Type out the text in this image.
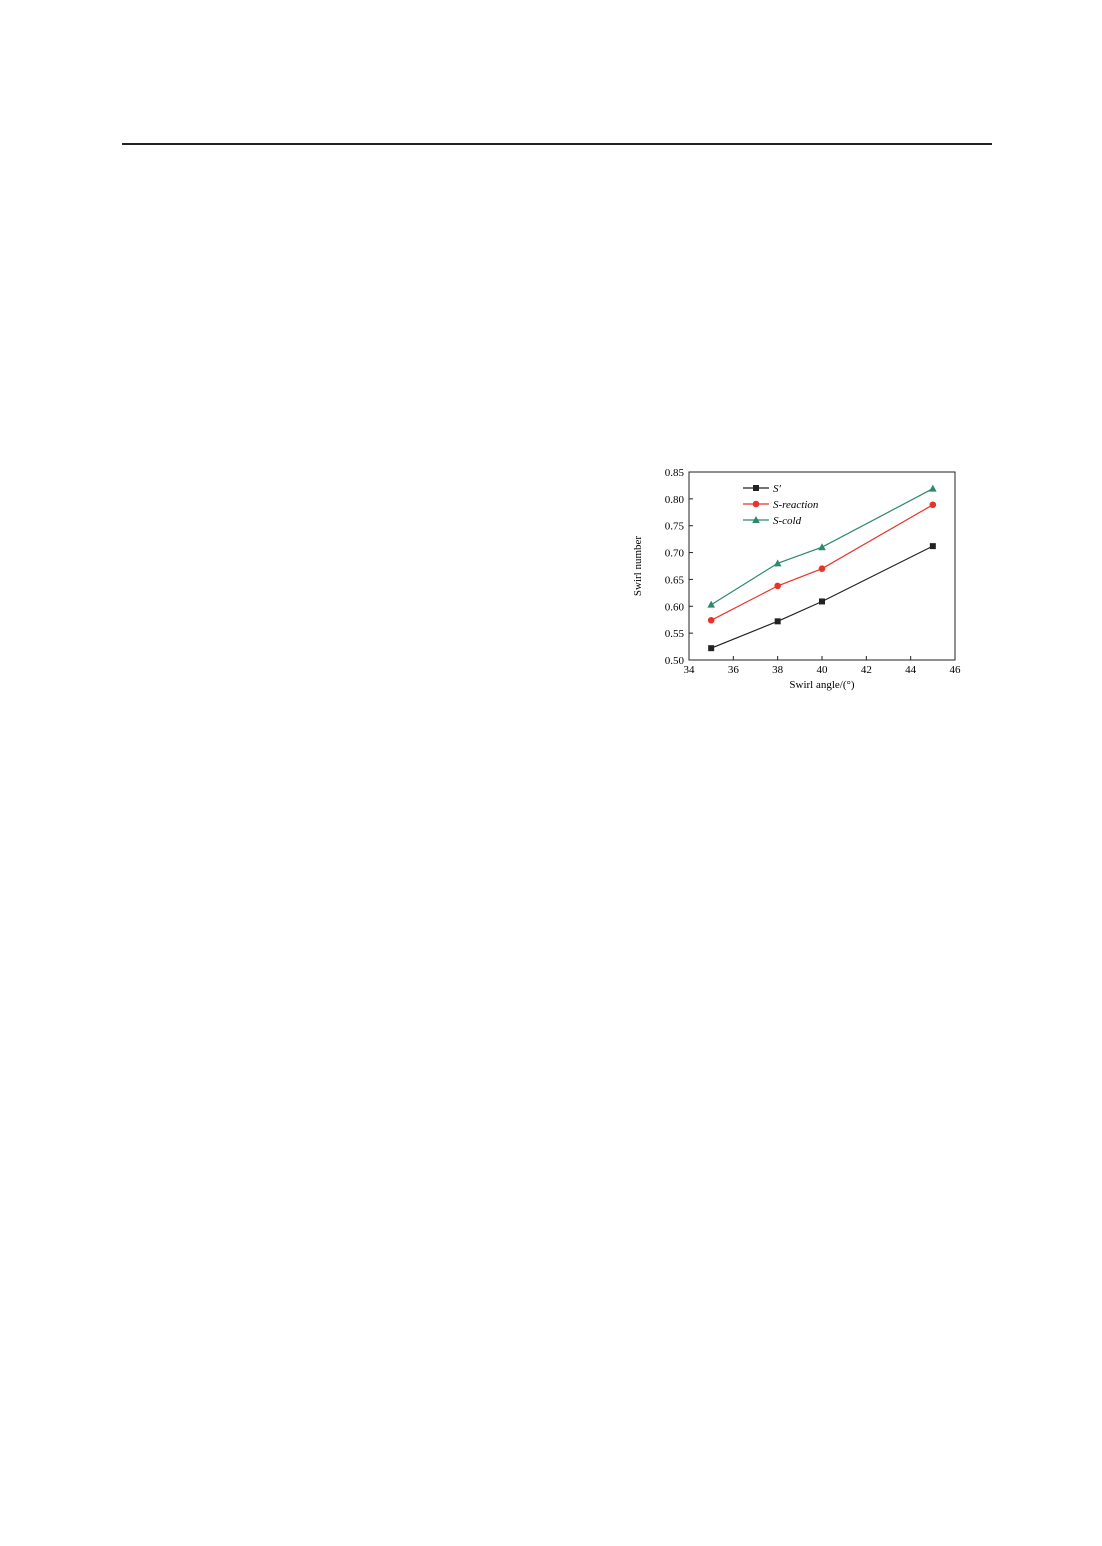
34	36	38	40	42	44	46
0.50
0.55
0.60
0.65
0.70
0.75
0.80
0.85
Swirl angle/(°)
Swirl number
S′
S-reaction
S-cold
